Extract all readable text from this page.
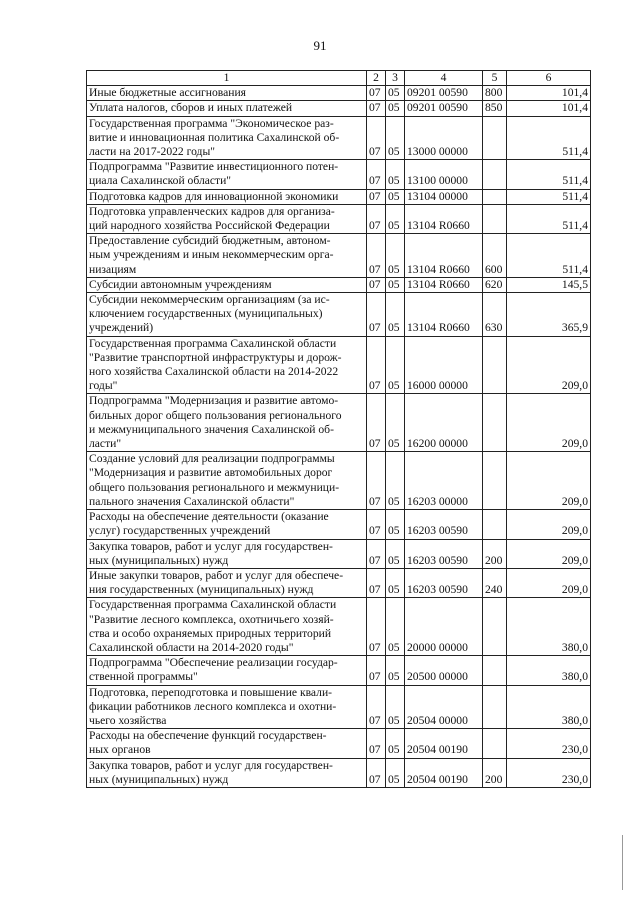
91
1	2	3	4	5	6
Иные бюджетные ассигнования	07	05	09201 00590	800	101,4
Уплата налогов, сборов и иных платежей	07	05	09201 00590	850	101,4
Государственная программа "Экономическое раз-
витие и инновационная политика Сахалинской об-
ласти на 2017-2022 годы"	07	05	13000 00000		511,4
Подпрограмма "Развитие инвестиционного потен-
циала Сахалинской области"	07	05	13100 00000		511,4
Подготовка кадров для инновационной экономики	07	05	13104 00000		511,4
Подготовка управленческих кадров для организа-
ций народного хозяйства Российской Федерации	07	05	13104 R0660		511,4
Предоставление субсидий бюджетным, автоном-
ным учреждениям и иным некоммерческим орга-
низациям	07	05	13104 R0660	600	511,4
Субсидии автономным учреждениям	07	05	13104 R0660	620	145,5
Субсидии некоммерческим организациям (за ис-
ключением государственных (муниципальных)
учреждений)	07	05	13104 R0660	630	365,9
Государственная программа Сахалинской области
"Развитие транспортной инфраструктуры и дорож-
ного хозяйства Сахалинской области на 2014-2022
годы"	07	05	16000 00000		209,0
Подпрограмма "Модернизация и развитие автомо-
бильных дорог общего пользования регионального
и межмуниципального значения Сахалинской об-
ласти"	07	05	16200 00000		209,0
Создание условий для реализации подпрограммы
"Модернизация и развитие автомобильных дорог
общего пользования регионального и межмуници-
пального значения Сахалинской области"	07	05	16203 00000		209,0
Расходы на обеспечение деятельности (оказание
услуг) государственных учреждений	07	05	16203 00590		209,0
Закупка товаров, работ и услуг для государствен-
ных (муниципальных) нужд	07	05	16203 00590	200	209,0
Иные закупки товаров, работ и услуг для обеспече-
ния государственных (муниципальных) нужд	07	05	16203 00590	240	209,0
Государственная программа Сахалинской области
"Развитие лесного комплекса, охотничьего хозяй-
ства и особо охраняемых природных территорий
Сахалинской области на 2014-2020 годы"	07	05	20000 00000		380,0
Подпрограмма "Обеспечение реализации государ-
ственной программы"	07	05	20500 00000		380,0
Подготовка, переподготовка и повышение квали-
фикации работников лесного комплекса и охотни-
чьего хозяйства	07	05	20504 00000		380,0
Расходы на обеспечение функций государствен-
ных органов	07	05	20504 00190		230,0
Закупка товаров, работ и услуг для государствен-
ных (муниципальных) нужд	07	05	20504 00190	200	230,0
